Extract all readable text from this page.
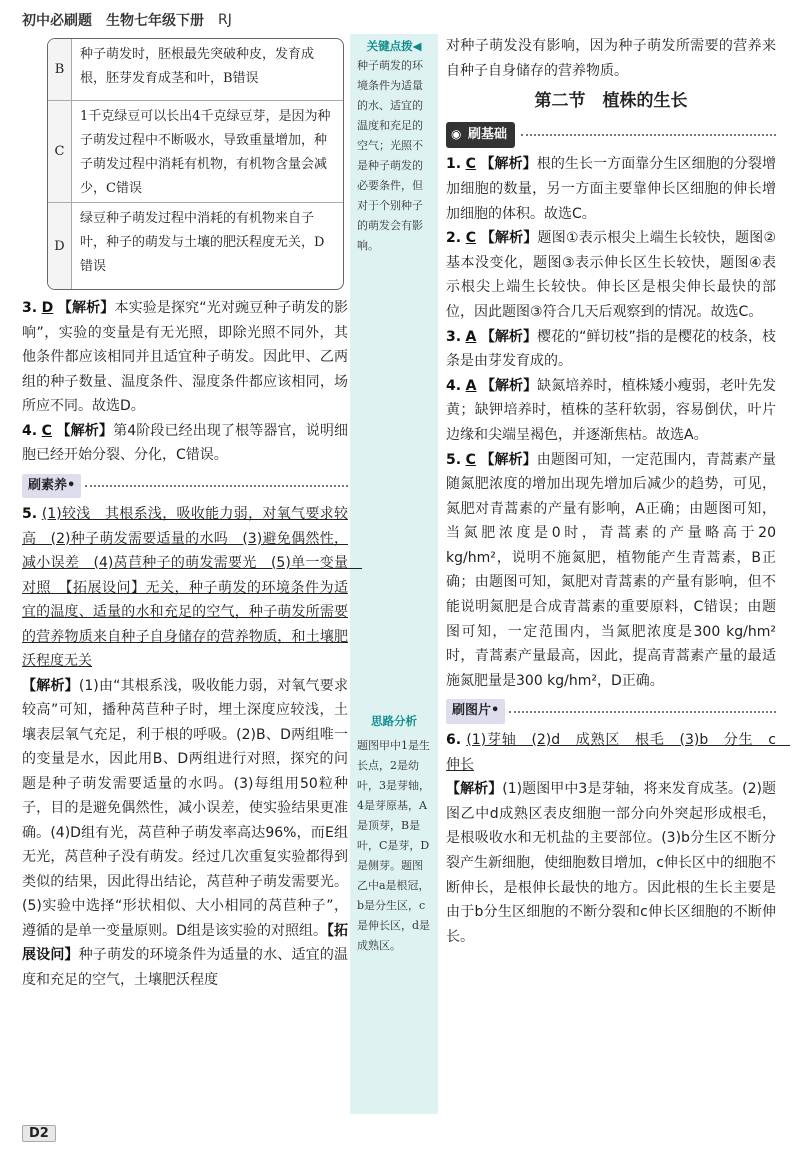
初中必刷题 生物七年级下册 RJ
B
种子萌发时，胚根最先突破种皮，发育成根，胚芽发育成茎和叶，B错误
C
1千克绿豆可以长出4千克绿豆芽，是因为种子萌发过程中不断吸水，导致重量增加，种子萌发过程中消耗有机物，有机物含量会减少，C错误
D
绿豆种子萌发过程中消耗的有机物来自子叶，种子的萌发与土壤的肥沃程度无关，D错误
关键点拨◀
种子萌发的环境条件为适量的水、适宜的温度和充足的空气；光照不是种子萌发的必要条件，但对于个别种子的萌发会有影响。
思路分析
题图甲中1是生长点，2是幼叶，3是芽轴，4是芽原基，A是顶芽，B是叶，C是芽，D是侧芽。题图乙中a是根冠，b是分生区，c是伸长区，d是成熟区。
3. D 【解析】本实验是探究“光对豌豆种子萌发的影响”，实验的变量是有无光照，即除光照不同外，其他条件都应该相同并且适宜种子萌发。因此甲、乙两组的种子数量、温度条件、湿度条件都应该相同，场所应不同。故选D。
4. C 【解析】第4阶段已经出现了根等器官，说明细胞已经开始分裂、分化，C错误。
刷素养•
5. (1)较浅　其根系浅，吸收能力弱，对氧气要求较高　(2)种子萌发需要适量的水吗　(3)避免偶然性，减小误差　(4)莴苣种子的萌发需要光　(5)单一变量　对照　【拓展设问】无关，种子萌发的环境条件为适宜的温度、适量的水和充足的空气，种子萌发所需要的营养物质来自种子自身储存的营养物质，和土壤肥沃程度无关
【解析】(1)由“其根系浅，吸收能力弱，对氧气要求较高”可知，播种莴苣种子时，埋土深度应较浅，土壤表层氧气充足，利于根的呼吸。(2)B、D两组唯一的变量是水，因此用B、D两组进行对照，探究的问题是种子萌发需要适量的水吗。(3)每组用50粒种子，目的是避免偶然性，减小误差，使实验结果更准确。(4)D组有光，莴苣种子萌发率高达96%，而E组无光，莴苣种子没有萌发。经过几次重复实验都得到类似的结果，因此得出结论，莴苣种子萌发需要光。(5)实验中选择“形状相似、大小相同的莴苣种子”，遵循的是单一变量原则。D组是该实验的对照组。【拓展设问】种子萌发的环境条件为适量的水、适宜的温度和充足的空气，土壤肥沃程度
对种子萌发没有影响，因为种子萌发所需要的营养来自种子自身储存的营养物质。
第二节　植株的生长
◉ 刷基础
1. C 【解析】根的生长一方面靠分生区细胞的分裂增加细胞的数量，另一方面主要靠伸长区细胞的伸长增加细胞的体积。故选C。
2. C 【解析】题图①表示根尖上端生长较快，题图②基本没变化，题图③表示伸长区生长较快，题图④表示根尖上端生长较快。伸长区是根尖伸长最快的部位，因此题图③符合几天后观察到的情况。故选C。
3. A 【解析】樱花的“鲜切枝”指的是樱花的枝条，枝条是由芽发育成的。
4. A 【解析】缺氮培养时，植株矮小瘦弱，老叶先发黄；缺钾培养时，植株的茎秆软弱，容易倒伏，叶片边缘和尖端呈褐色，并逐渐焦枯。故选A。
5. C 【解析】由题图可知，一定范围内，青蒿素产量随氮肥浓度的增加出现先增加后减少的趋势，可见，氮肥对青蒿素的产量有影响，A正确；由题图可知，当氮肥浓度是0时，青蒿素的产量略高于20 kg/hm²，说明不施氮肥，植物能产生青蒿素，B正确；由题图可知，氮肥对青蒿素的产量有影响，但不能说明氮肥是合成青蒿素的重要原料，C错误；由题图可知，一定范围内，当氮肥浓度是300 kg/hm²时，青蒿素产量最高，因此，提高青蒿素产量的最适施氮肥量是300 kg/hm²，D正确。
刷图片•
6. (1)芽轴　(2)d　成熟区　根毛　(3)b　分生　c　伸长
【解析】(1)题图甲中3是芽轴，将来发育成茎。(2)题图乙中d成熟区表皮细胞一部分向外突起形成根毛，是根吸收水和无机盐的主要部位。(3)b分生区不断分裂产生新细胞，使细胞数目增加，c伸长区中的细胞不断伸长，是根伸长最快的地方。因此根的生长主要是由于b分生区细胞的不断分裂和c伸长区细胞的不断伸长。
D2
